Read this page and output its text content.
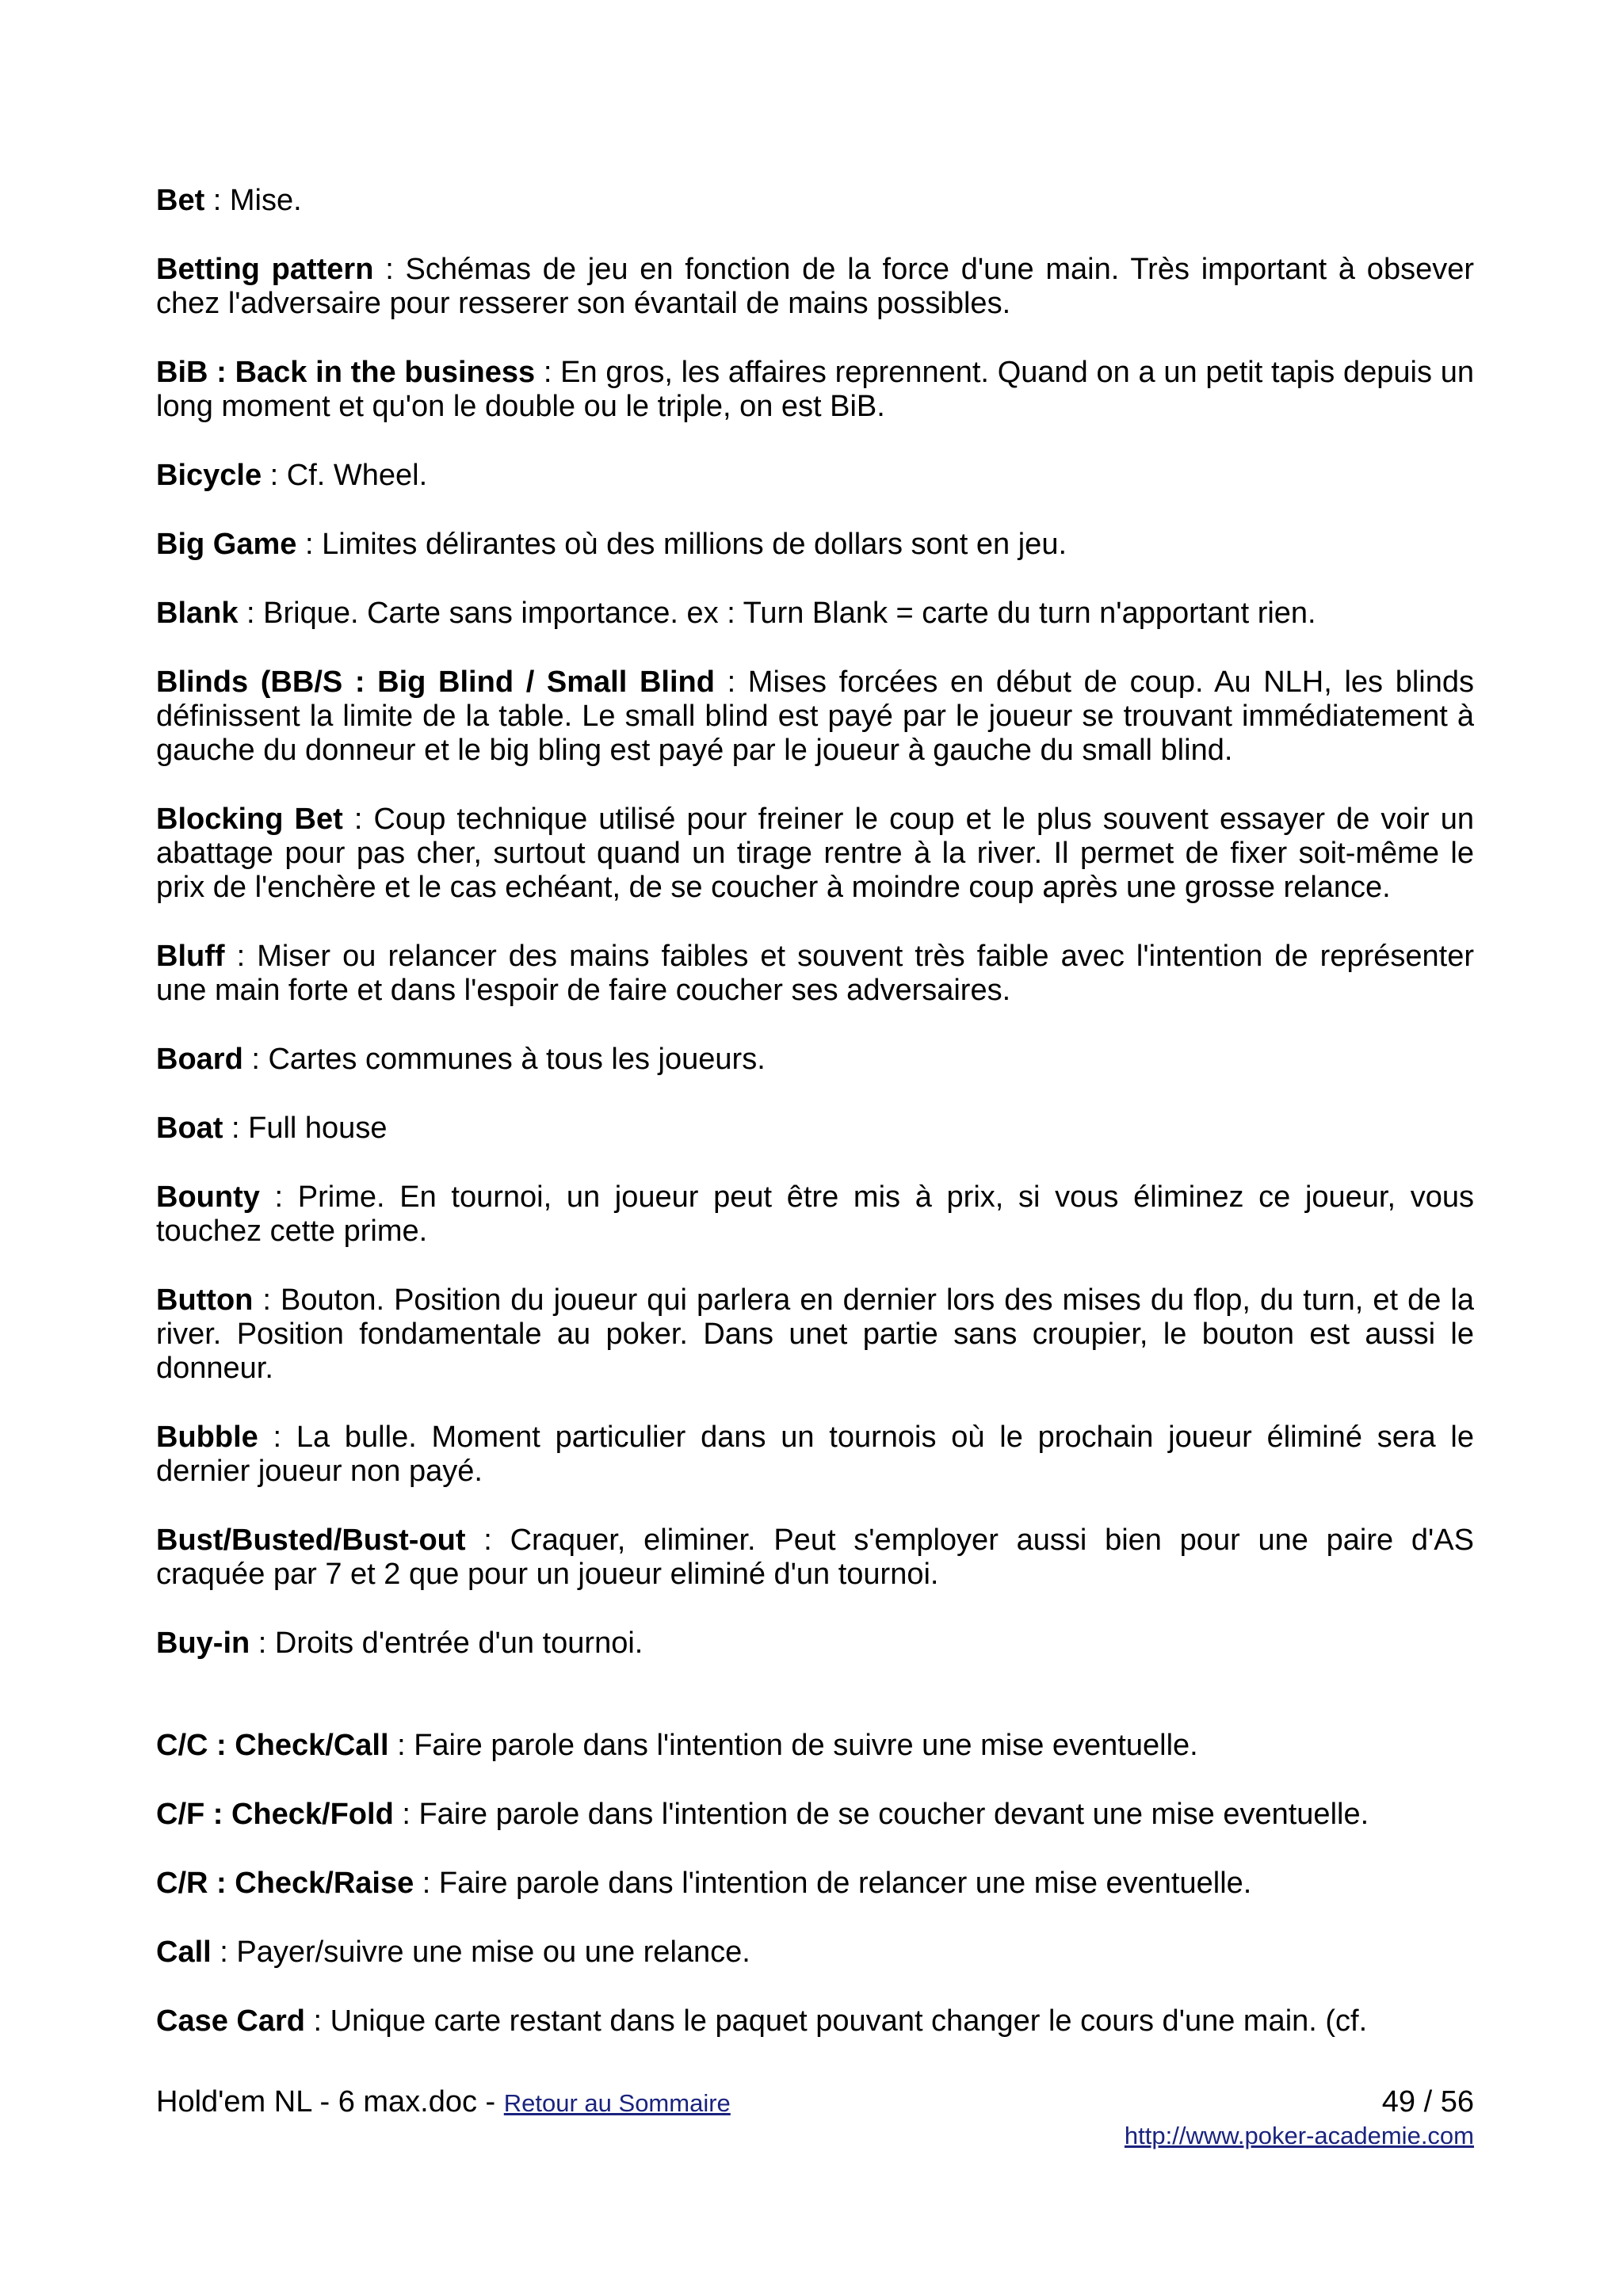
Bet : Mise.

Betting pattern : Schémas de jeu en fonction de la force d'une main. Très important à obsever chez l'adversaire pour resserer son évantail de mains possibles.

BiB : Back in the business : En gros, les affaires reprennent. Quand on a un petit tapis depuis un long moment et qu'on le double ou le triple, on est BiB.

Bicycle : Cf. Wheel.

Big Game : Limites délirantes où des millions de dollars sont en jeu.

Blank : Brique. Carte sans importance. ex : Turn Blank = carte du turn n'apportant rien.

Blinds (BB/S : Big Blind / Small Blind : Mises forcées en début de coup. Au NLH, les blinds définissent la limite de la table. Le small blind est payé par le joueur se trouvant immédiatement à gauche du donneur et le big bling est payé par le joueur à gauche du small blind.

Blocking Bet : Coup technique utilisé pour freiner le coup et le plus souvent essayer de voir un abattage pour pas cher, surtout quand un tirage rentre à la river. Il permet de fixer soit-même le prix de l'enchère et le cas echéant, de se coucher à moindre coup après une grosse relance.

Bluff : Miser ou relancer des mains faibles et souvent très faible avec l'intention de représenter une main forte et dans l'espoir de faire coucher ses adversaires.

Board : Cartes communes à tous les joueurs.

Boat : Full house

Bounty : Prime. En tournoi, un joueur peut être mis à prix, si vous éliminez ce joueur, vous touchez cette prime.

Button : Bouton. Position du joueur qui parlera en dernier lors des mises du flop, du turn, et de la river. Position fondamentale au poker. Dans unet partie sans croupier, le bouton est aussi le donneur.

Bubble : La bulle. Moment particulier dans un tournois où le prochain joueur éliminé sera le dernier joueur non payé.

Bust/Busted/Bust-out : Craquer, eliminer. Peut s'employer aussi bien pour une paire d'AS craquée par 7 et 2 que pour un joueur eliminé d'un tournoi.

Buy-in : Droits d'entrée d'un tournoi.

C/C : Check/Call : Faire parole dans l'intention de suivre une mise eventuelle.

C/F : Check/Fold : Faire parole dans l'intention de se coucher devant une mise eventuelle.

C/R : Check/Raise : Faire parole dans l'intention de relancer une mise eventuelle.

Call : Payer/suivre une mise ou une relance.

Case Card : Unique carte restant dans le paquet pouvant changer le cours d'une main. (cf.

Hold'em NL - 6 max.doc - Retour au Sommaire	49 / 56
http://www.poker-academie.com
